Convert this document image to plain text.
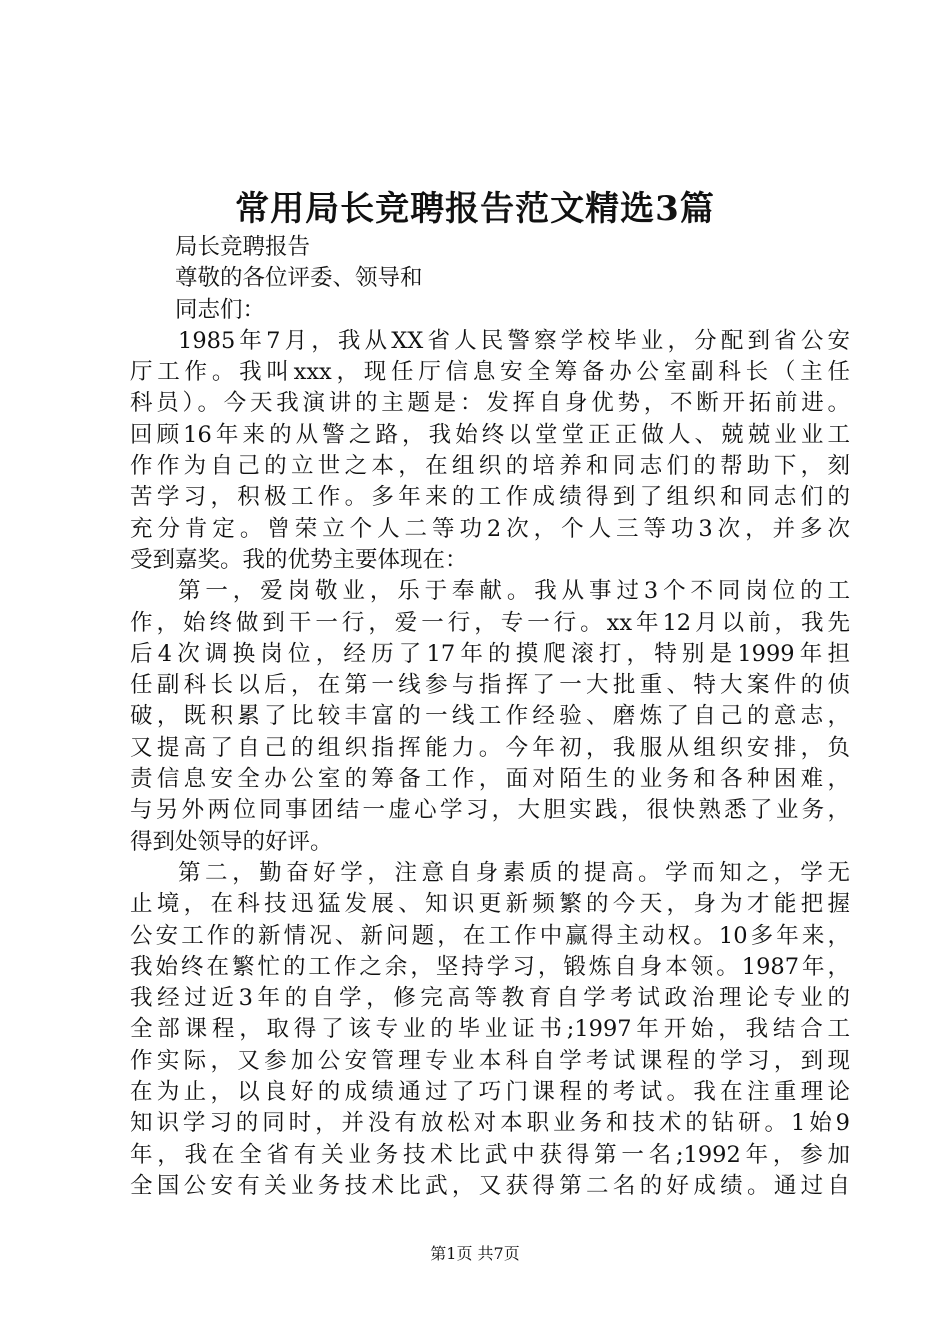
常用局长竞聘报告范文精选3篇
局长竞聘报告
尊敬的各位评委、领导和
同志们：

1985年7月，我从XX省人民警察学校毕业，分配到省公安
厅工作。我叫xxx，现任厅信息安全筹备办公室副科长（主任
科员）。今天我演讲的主题是：发挥自身优势，不断开拓前进。
回顾16年来的从警之路，我始终以堂堂正正做人、兢兢业业工
作作为自己的立世之本，在组织的培养和同志们的帮助下，刻
苦学习，积极工作。多年来的工作成绩得到了组织和同志们的
充分肯定。曾荣立个人二等功2次，个人三等功3次，并多次
受到嘉奖。我的优势主要体现在：

第一，爱岗敬业，乐于奉献。我从事过3个不同岗位的工
作，始终做到干一行，爱一行，专一行。xx年12月以前，我先
后4次调换岗位，经历了17年的摸爬滚打，特别是1999年担
任副科长以后，在第一线参与指挥了一大批重、特大案件的侦
破，既积累了比较丰富的一线工作经验、磨炼了自己的意志，
又提高了自己的组织指挥能力。今年初，我服从组织安排，负
责信息安全办公室的筹备工作，面对陌生的业务和各种困难，
与另外两位同事团结一虚心学习，大胆实践，很快熟悉了业务，
得到处领导的好评。

第二，勤奋好学，注意自身素质的提高。学而知之，学无
止境，在科技迅猛发展、知识更新频繁的今天，身为才能把握
公安工作的新情况、新问题，在工作中赢得主动权。10多年来，
我始终在繁忙的工作之余，坚持学习，锻炼自身本领。1987年，
我经过近3年的自学，修完高等教育自学考试政治理论专业的
全部课程，取得了该专业的毕业证书;1997年开始，我结合工
作实际，又参加公安管理专业本科自学考试课程的学习，到现
在为止，以良好的成绩通过了巧门课程的考试。我在注重理论
知识学习的同时，并没有放松对本职业务和技术的钻研。1始9
年，我在全省有关业务技术比武中获得第一名;1992年，参加
全国公安有关业务技术比武，又获得第二名的好成绩。通过自

第1页 共7页
